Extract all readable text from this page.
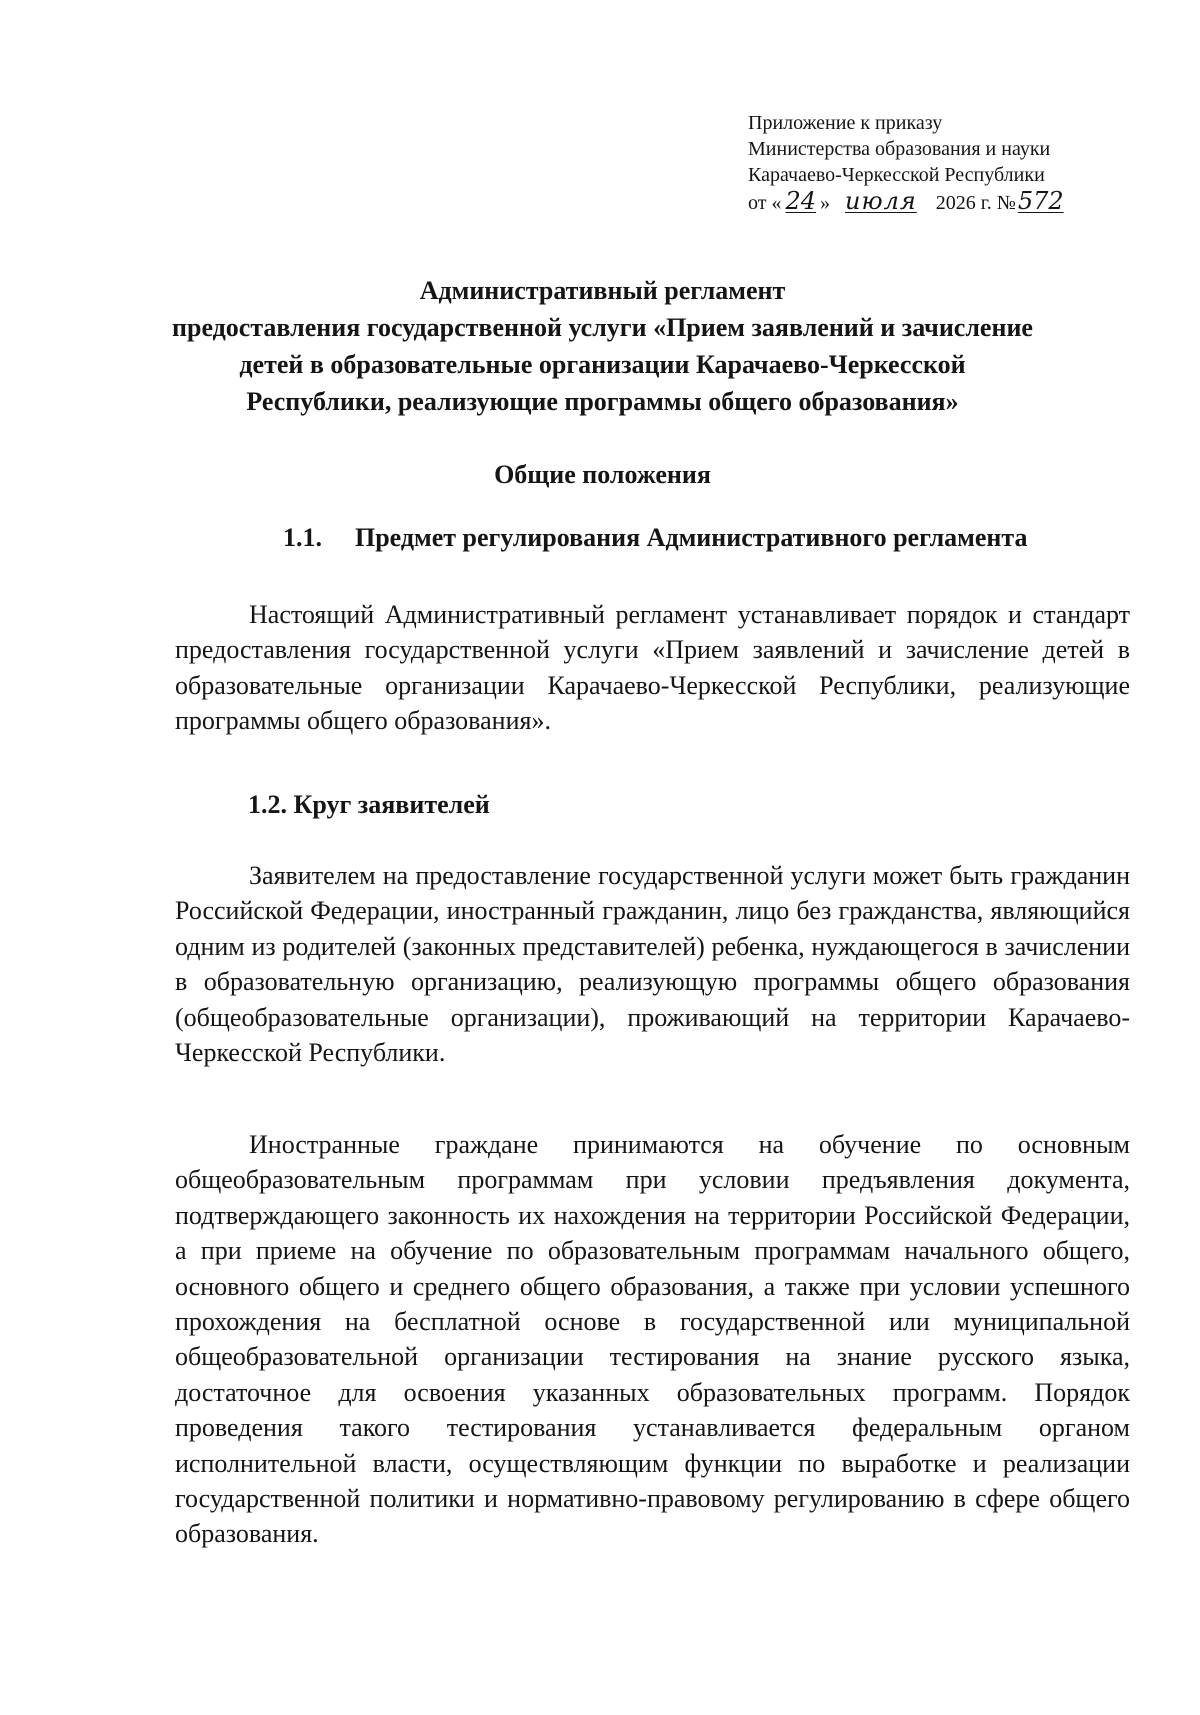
Приложение к приказу
Министерства образования и науки
Карачаево-Черкесской Республики
от « 24 » июля 2026 г. №572
Административный регламент
предоставления государственной услуги «Прием заявлений и зачисление
детей в образовательные организации Карачаево-Черкесской
Республики, реализующие программы общего образования»
Общие положения
1.1. Предмет регулирования Административного регламента
Настоящий Административный регламент устанавливает порядок и стандарт предоставления государственной услуги «Прием заявлений и зачисление детей в образовательные организации Карачаево-Черкесской Республики, реализующие программы общего образования».
1.2. Круг заявителей
Заявителем на предоставление государственной услуги может быть гражданин Российской Федерации, иностранный гражданин, лицо без гражданства, являющийся одним из родителей (законных представителей) ребенка, нуждающегося в зачислении в образовательную организацию, реализующую программы общего образования (общеобразовательные организации), проживающий на территории Карачаево-Черкесской Республики.
Иностранные граждане принимаются на обучение по основным общеобразовательным программам при условии предъявления документа, подтверждающего законность их нахождения на территории Российской Федерации, а при приеме на обучение по образовательным программам начального общего, основного общего и среднего общего образования, а также при условии успешного прохождения на бесплатной основе в государственной или муниципальной общеобразовательной организации тестирования на знание русского языка, достаточное для освоения указанных образовательных программ. Порядок проведения такого тестирования устанавливается федеральным органом исполнительной власти, осуществляющим функции по выработке и реализации государственной политики и нормативно-правовому регулированию в сфере общего образования.
